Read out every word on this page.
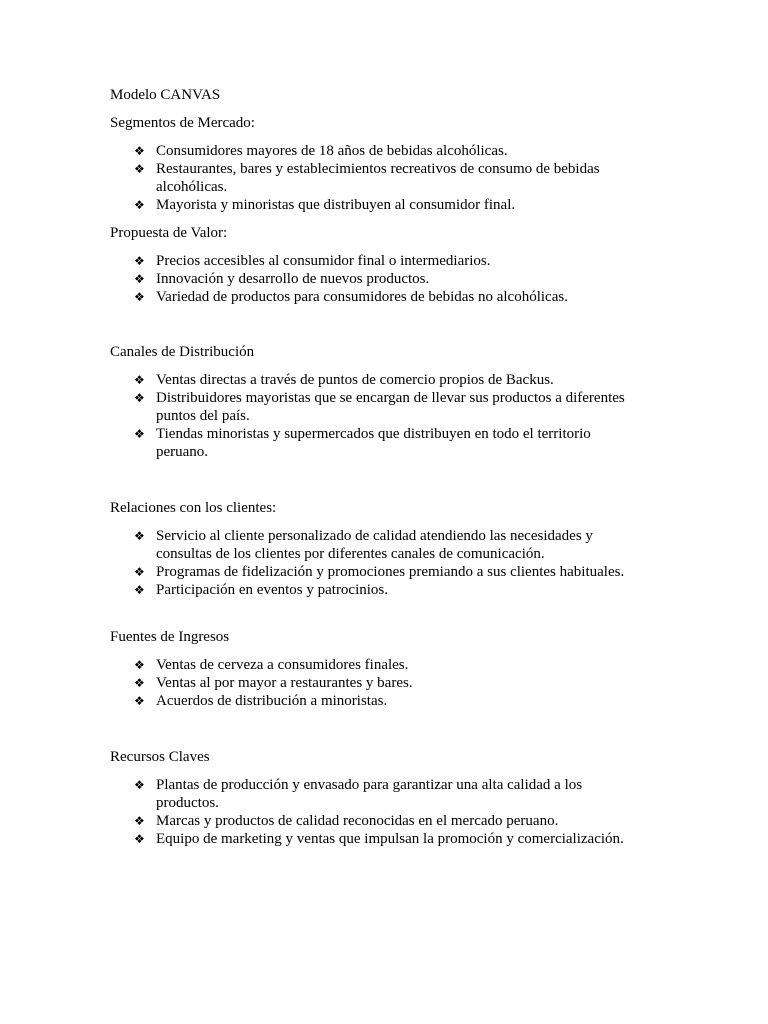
Modelo CANVAS
Segmentos de Mercado:
❖ Consumidores mayores de 18 años de bebidas alcohólicas.
❖ Restaurantes, bares y establecimientos recreativos de consumo de bebidas
alcohólicas.
❖ Mayorista y minoristas que distribuyen al consumidor final.
Propuesta de Valor:
❖ Precios accesibles al consumidor final o intermediarios.
❖ Innovación y desarrollo de nuevos productos.
❖ Variedad de productos para consumidores de bebidas no alcohólicas.
Canales de Distribución
❖ Ventas directas a través de puntos de comercio propios de Backus.
❖ Distribuidores mayoristas que se encargan de llevar sus productos a diferentes
puntos del país.
❖ Tiendas minoristas y supermercados que distribuyen en todo el territorio
peruano.
Relaciones con los clientes:
❖ Servicio al cliente personalizado de calidad atendiendo las necesidades y
consultas de los clientes por diferentes canales de comunicación.
❖ Programas de fidelización y promociones premiando a sus clientes habituales.
❖ Participación en eventos y patrocinios.
Fuentes de Ingresos
❖ Ventas de cerveza a consumidores finales.
❖ Ventas al por mayor a restaurantes y bares.
❖ Acuerdos de distribución a minoristas.
Recursos Claves
❖ Plantas de producción y envasado para garantizar una alta calidad a los
productos.
❖ Marcas y productos de calidad reconocidas en el mercado peruano.
❖ Equipo de marketing y ventas que impulsan la promoción y comercialización.
